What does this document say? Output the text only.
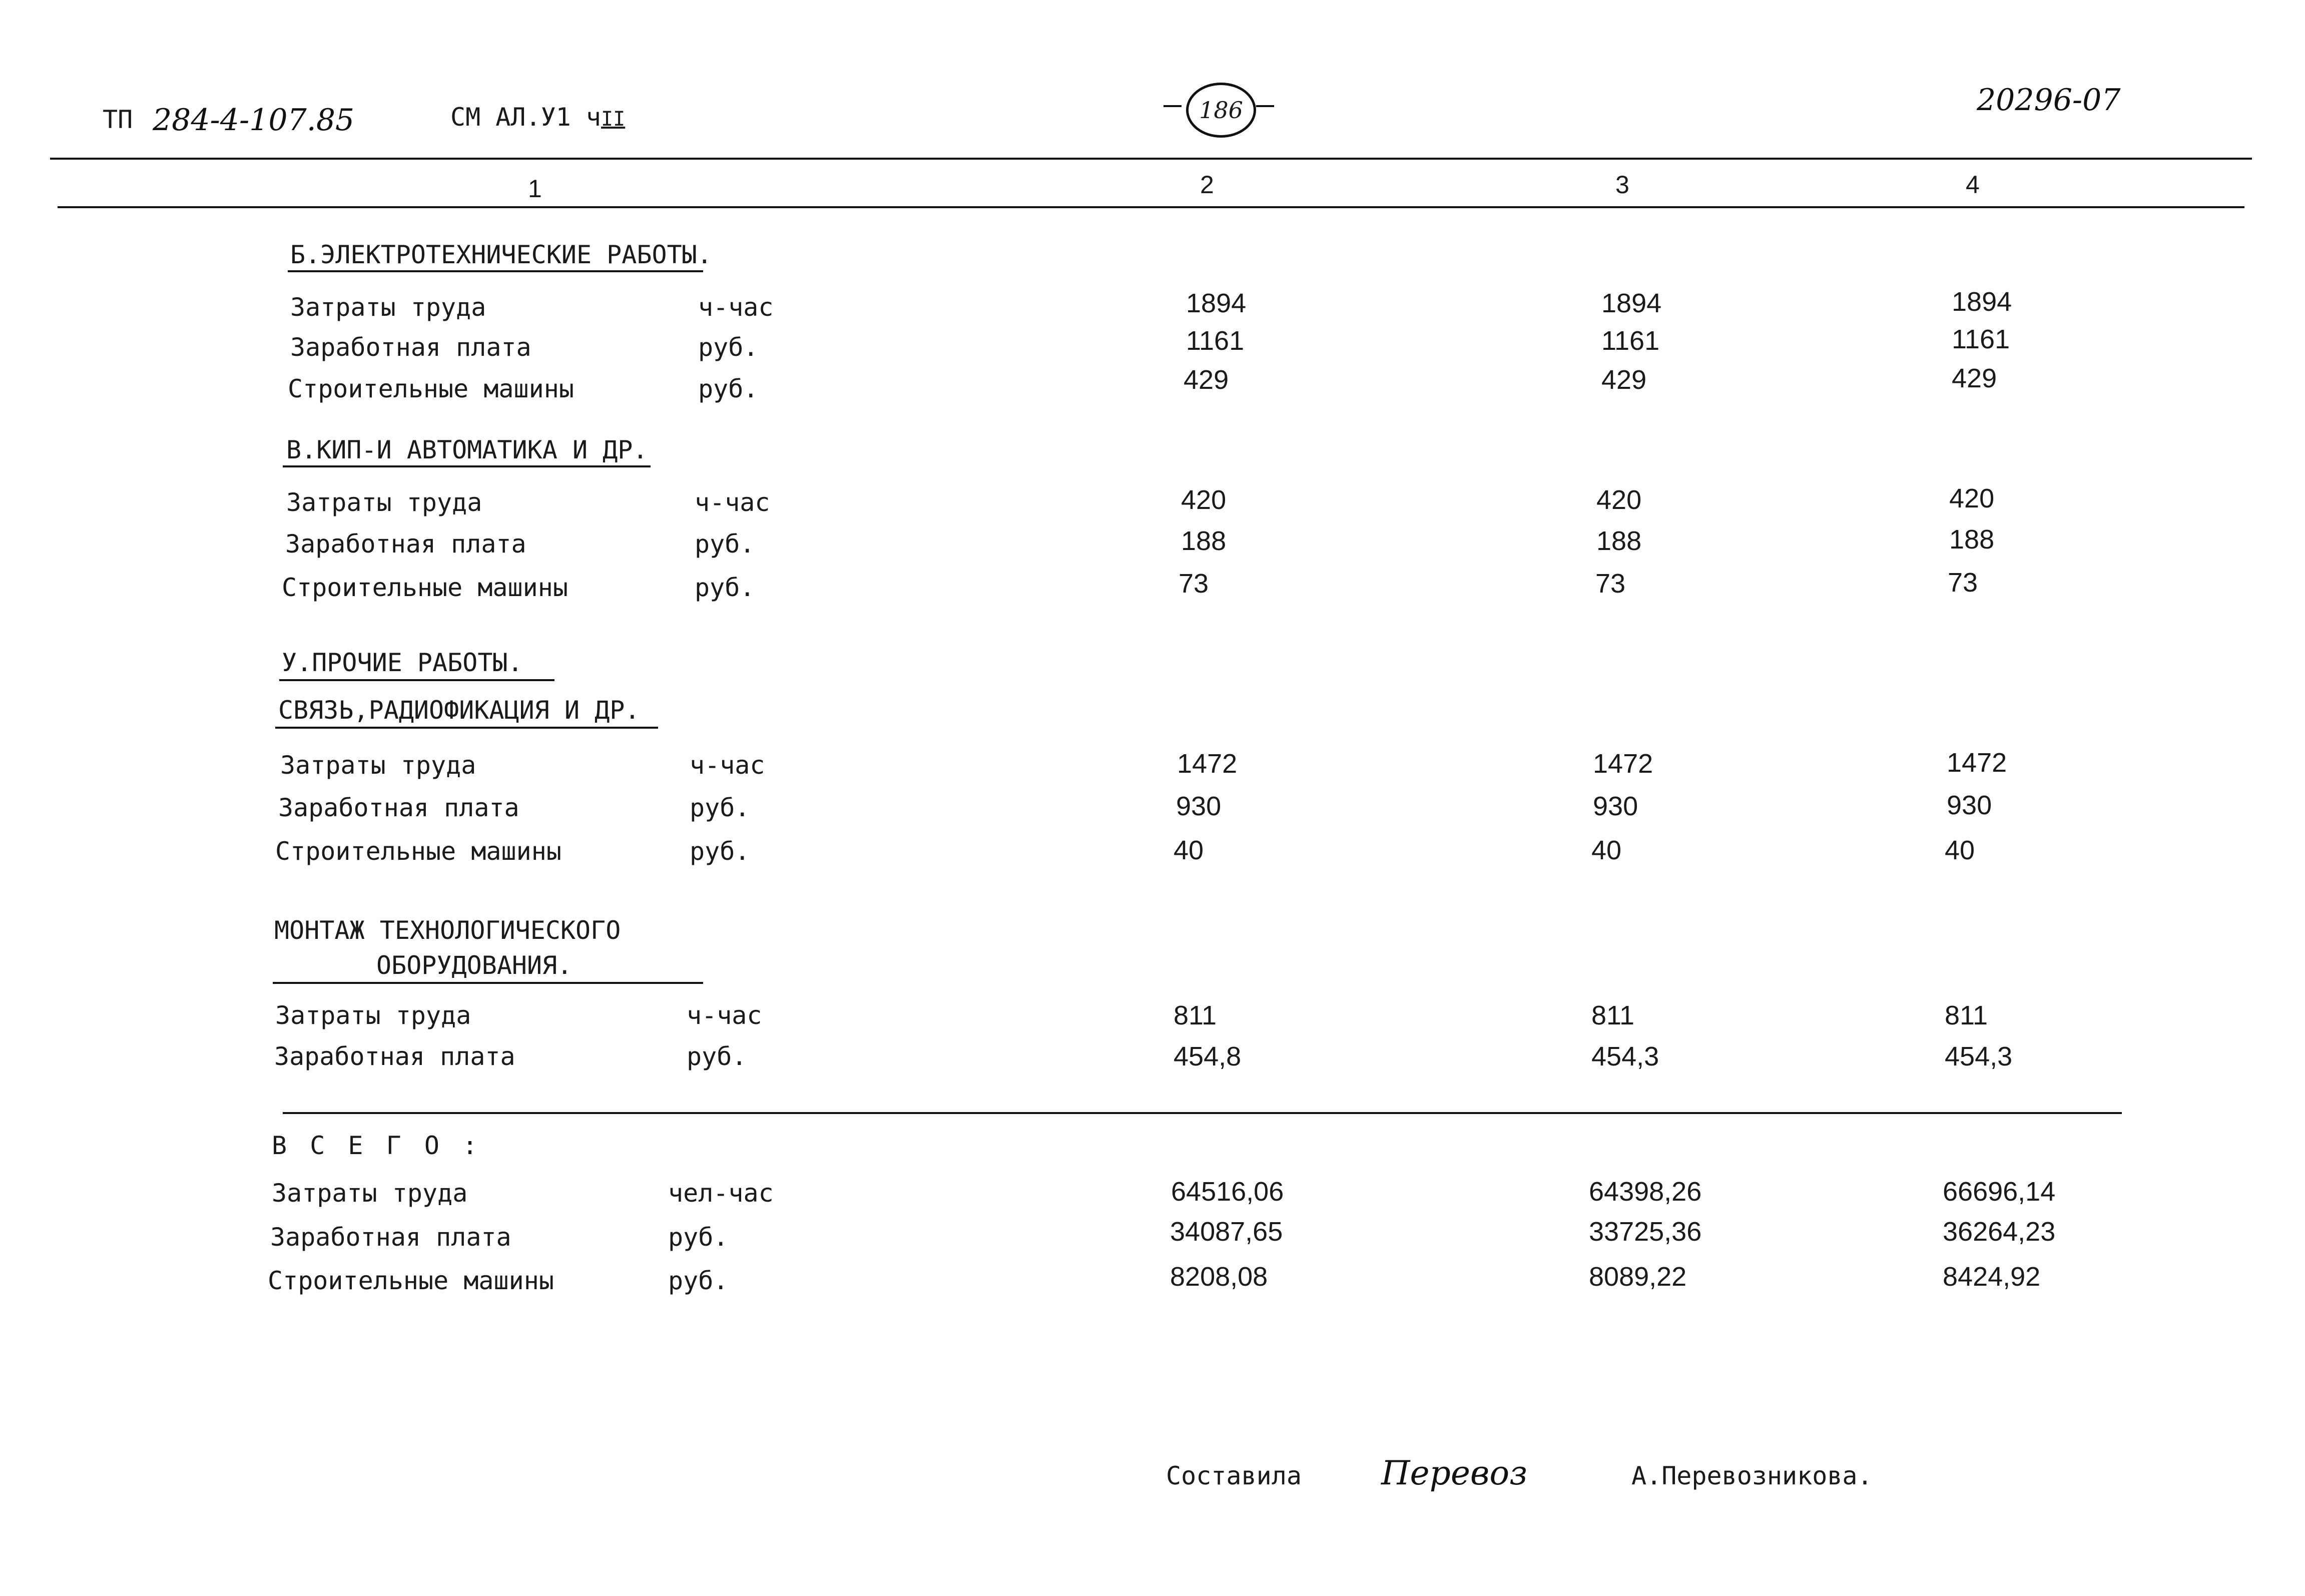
ТП 284-4-107.85	СМ АЛ.У1 чII	186	20296-07
1	2	3	4
Б.ЭЛЕКТРОТЕХНИЧЕСКИЕ РАБОТЫ.
Затраты труда	ч-час	1894	1894	1894
Заработная плата	руб.	1161	1161	1161
Строительные машины	руб.	429	429	429
В.КИП-И АВТОМАТИКА И ДР.
Затраты труда	ч-час	420	420	420
Заработная плата	руб.	188	188	188
Строительные машины	руб.	73	73	73
У.ПРОЧИЕ РАБОТЫ.
СВЯЗЬ,РАДИОФИКАЦИЯ И ДР.
Затраты труда	ч-час	1472	1472	1472
Заработная плата	руб.	930	930	930
Строительные машины	руб.	40	40	40
МОНТАЖ ТЕХНОЛОГИЧЕСКОГО
ОБОРУДОВАНИЯ.
Затраты труда	ч-час	811	811	811
Заработная плата	руб.	454,8	454,3	454,3
В С Е Г О :
Затраты труда	чел-час	64516,06	64398,26	66696,14
Заработная плата	руб.	34087,65	33725,36	36264,23
Строительные машины	руб.	8208,08	8089,22	8424,92
Составила Перевоз	А.Перевозникова.
